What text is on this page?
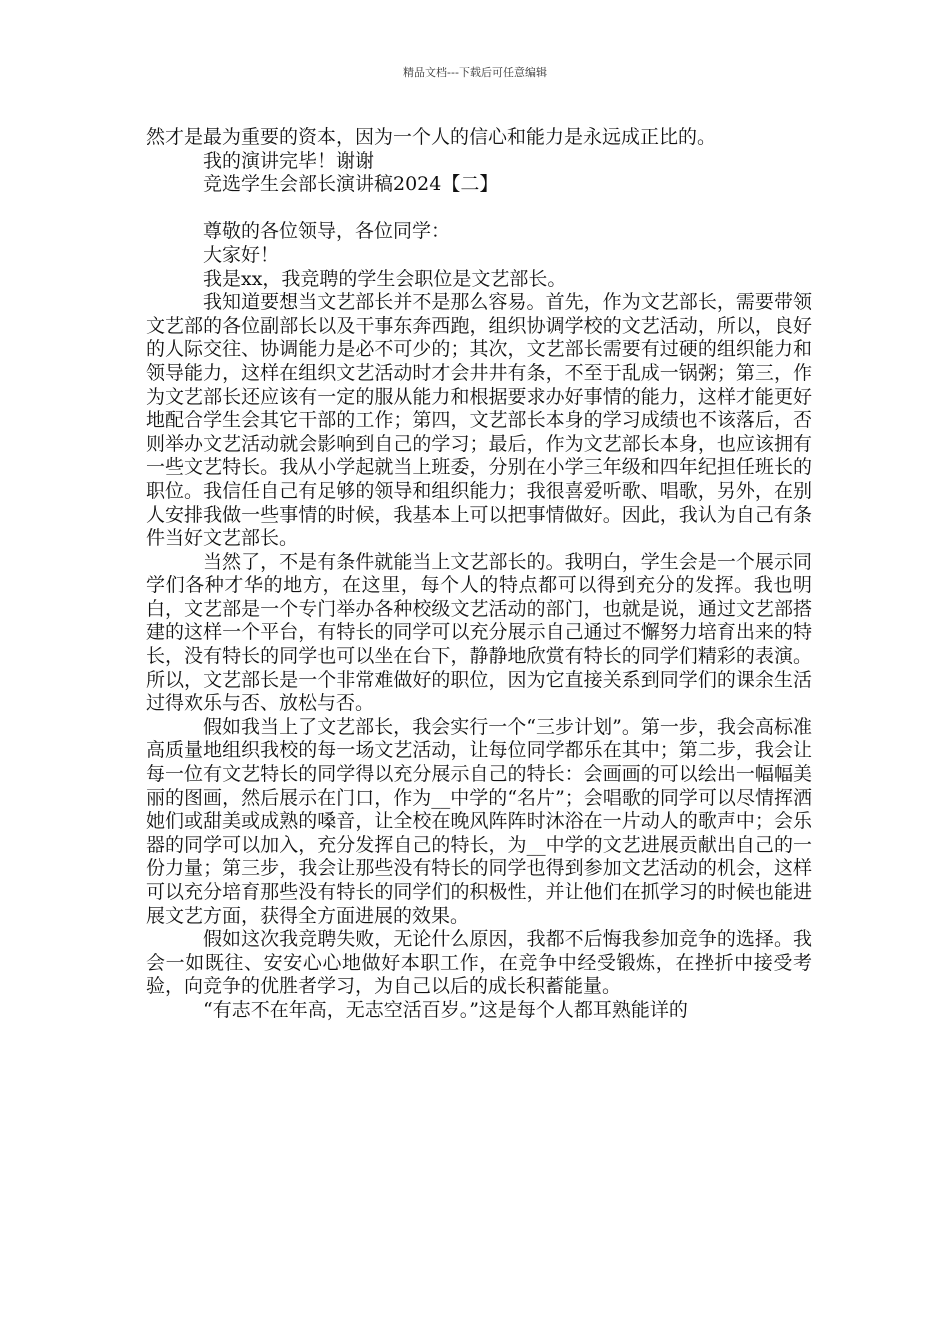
精品文档---下载后可任意编辑

然才是最为重要的资本，因为一个人的信心和能力是永远成正比的。

我的演讲完毕！谢谢

竞选学生会部长演讲稿2024【二】

尊敬的各位领导，各位同学：

大家好！

我是xx，我竞聘的学生会职位是文艺部长。

我知道要想当文艺部长并不是那么容易。首先，作为文艺部长，需要带领文艺部的各位副部长以及干事东奔西跑，组织协调学校的文艺活动，所以，良好的人际交往、协调能力是必不可少的；其次，文艺部长需要有过硬的组织能力和领导能力，这样在组织文艺活动时才会井井有条，不至于乱成一锅粥；第三，作为文艺部长还应该有一定的服从能力和根据要求办好事情的能力，这样才能更好地配合学生会其它干部的工作；第四，文艺部长本身的学习成绩也不该落后，否则举办文艺活动就会影响到自己的学习；最后，作为文艺部长本身，也应该拥有一些文艺特长。我从小学起就当上班委，分别在小学三年级和四年纪担任班长的职位。我信任自己有足够的领导和组织能力；我很喜爱听歌、唱歌，另外，在别人安排我做一些事情的时候，我基本上可以把事情做好。因此，我认为自己有条件当好文艺部长。

当然了，不是有条件就能当上文艺部长的。我明白，学生会是一个展示同学们各种才华的地方，在这里，每个人的特点都可以得到充分的发挥。我也明白，文艺部是一个专门举办各种校级文艺活动的部门，也就是说，通过文艺部搭建的这样一个平台，有特长的同学可以充分展示自己通过不懈努力培育出来的特长，没有特长的同学也可以坐在台下，静静地欣赏有特长的同学们精彩的表演。所以，文艺部长是一个非常难做好的职位，因为它直接关系到同学们的课余生活过得欢乐与否、放松与否。

假如我当上了文艺部长，我会实行一个“三步计划”。第一步，我会高标准高质量地组织我校的每一场文艺活动，让每位同学都乐在其中；第二步，我会让每一位有文艺特长的同学得以充分展示自己的特长：会画画的可以绘出一幅幅美丽的图画，然后展示在门口，作为__中学的“名片”；会唱歌的同学可以尽情挥洒她们或甜美或成熟的嗓音，让全校在晚风阵阵时沐浴在一片动人的歌声中；会乐器的同学可以加入，充分发挥自己的特长，为__中学的文艺进展贡献出自己的一份力量；第三步，我会让那些没有特长的同学也得到参加文艺活动的机会，这样可以充分培育那些没有特长的同学们的积极性，并让他们在抓学习的时候也能进展文艺方面，获得全方面进展的效果。

假如这次我竞聘失败，无论什么原因，我都不后悔我参加竞争的选择。我会一如既往、安安心心地做好本职工作，在竞争中经受锻炼，在挫折中接受考验，向竞争的优胜者学习，为自己以后的成长积蓄能量。

“有志不在年高，无志空活百岁。”这是每个人都耳熟能详的
